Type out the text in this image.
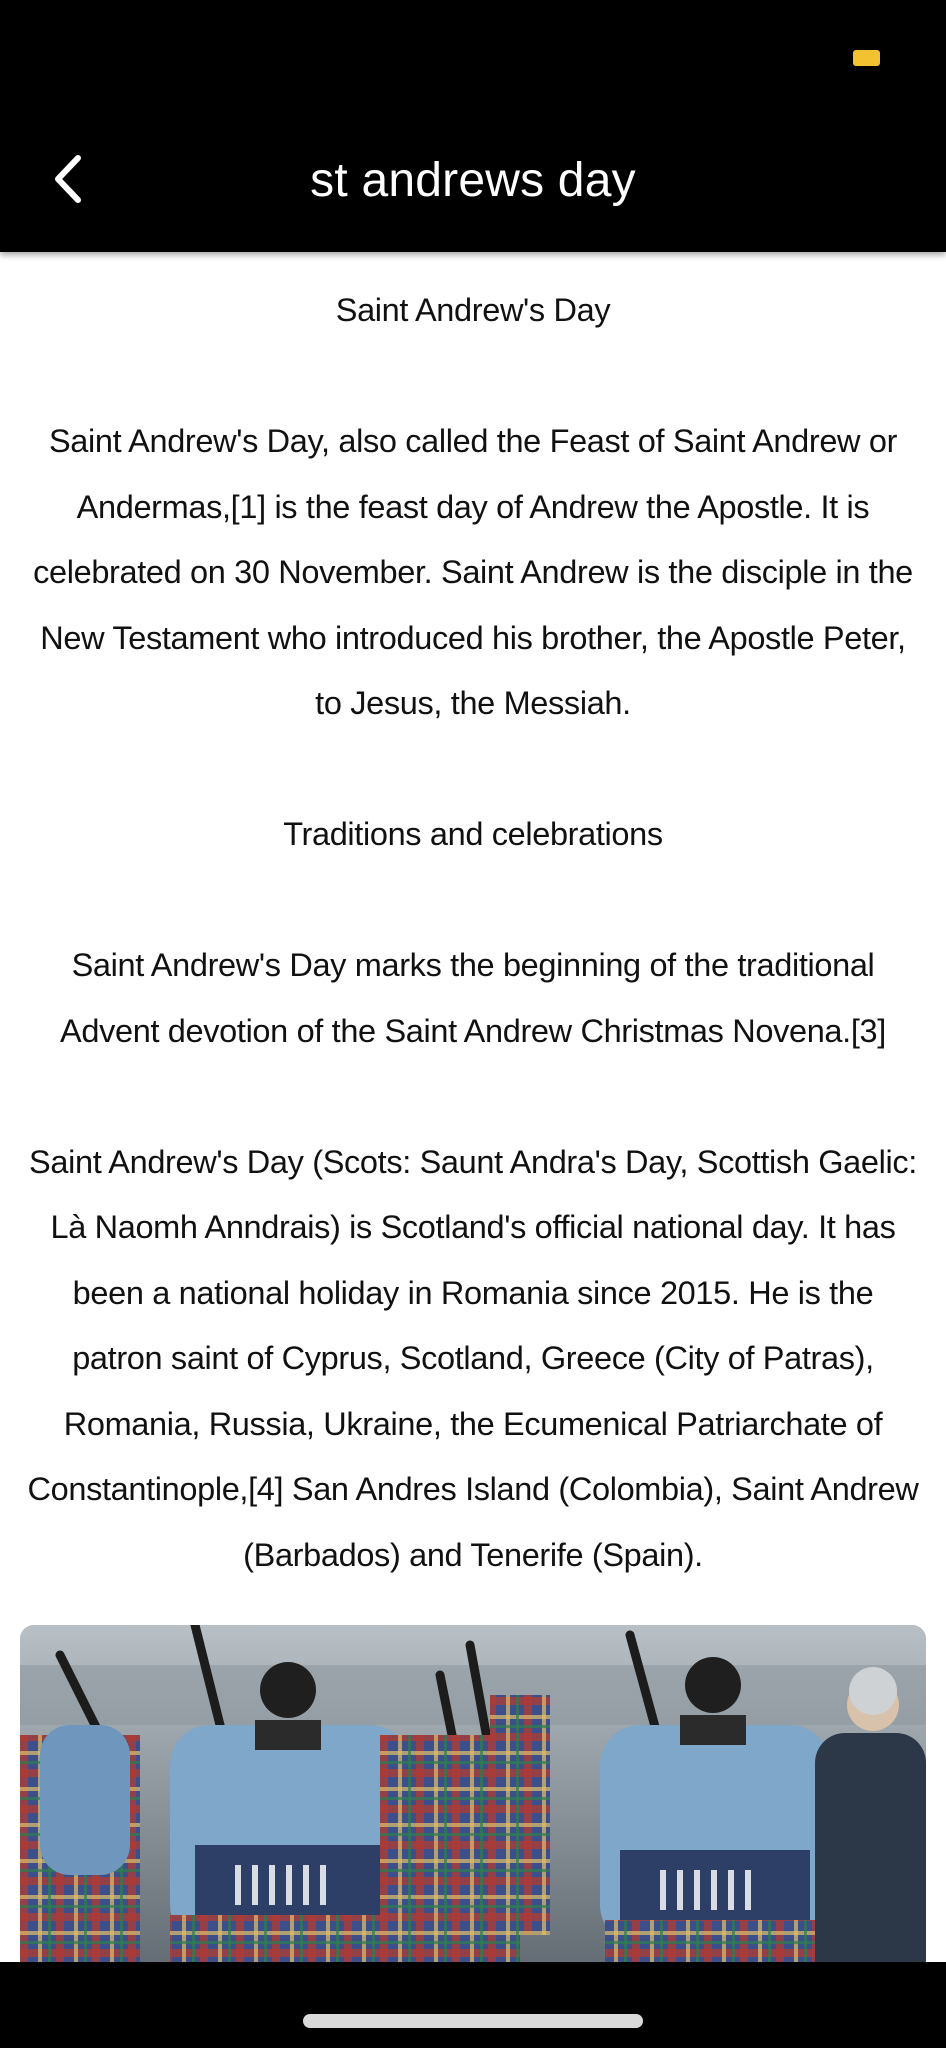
st andrews day

Saint Andrew's Day

Saint Andrew's Day, also called the Feast of Saint Andrew or Andermas,[1] is the feast day of Andrew the Apostle. It is celebrated on 30 November. Saint Andrew is the disciple in the New Testament who introduced his brother, the Apostle Peter, to Jesus, the Messiah.

Traditions and celebrations

Saint Andrew's Day marks the beginning of the traditional Advent devotion of the Saint Andrew Christmas Novena.[3]

Saint Andrew's Day (Scots: Saunt Andra's Day, Scottish Gaelic: Là Naomh Anndrais) is Scotland's official national day. It has been a national holiday in Romania since 2015. He is the patron saint of Cyprus, Scotland, Greece (City of Patras), Romania, Russia, Ukraine, the Ecumenical Patriarchate of Constantinople,[4] San Andres Island (Colombia), Saint Andrew (Barbados) and Tenerife (Spain).
